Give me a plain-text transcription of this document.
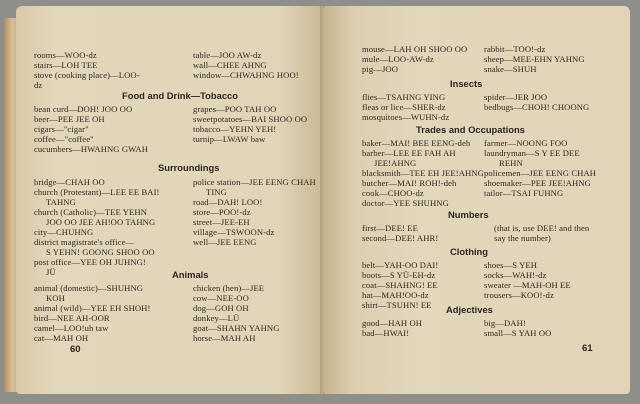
rooms—WOO-dz
stairs—LOH TEE
stove (cooking place)—LOO-
dz
table—JOO AW-dz
wall—CHEE AHNG
window—CHWAHNG HOO!
Food and Drink—Tobacco
bean curd—DOH! JOO OO
beer—PEE JEE OH
cigars—"cigar"
coffee—"coffee"
cucumbers—HWAHNG GWAH
grapes—POO TAH OO
sweetpotatoes—BAI SHOO OO
tobacco—YEHN YEH!
turnip—LWAW baw
Surroundings
bridge—CHAH OO
church (Protestant)—LEE EE BAI!
TAHNG
church (Catholic)—TEE YEHN
JOO OO JEE AH!OO TAHNG
city—CHUHNG
district magistrate's office—
S YEHN! GOONG SHOO OO
post office—YEE OH JUHNG!
JÜ
police station—JEE EENG CHAH
TING
road—DAH! LOO!
store—POO!-dz
street—JEE-EH
village—TSWOON-dz
well—JEE EENG
Animals
animal (domestic)—SHUHNG
KOH
animal (wild)—YEE EH SHOH!
bird—NEE AH-OOR
camel—LOO!uh taw
cat—MAH OH
chicken (hen)—JEE
cow—NEE-OO
dog—GOH OH
donkey—LÜ
goat—SHAHN YAHNG
horse—MAH AH
60
mouse—LAH OH SHOO OO
mule—LOO-AW-dz
pig—JOO
rabbit—TOO!-dz
sheep—MEE-EHN YAHNG
snake—SHUH
Insects
flies—TSAHNG YING
fleas or lice—SHER-dz
mosquitoes—WUHN-dz
spider—JER JOO
bedbugs—CHOH! CHOONG
Trades and Occupations
baker—MAI! BEE EENG-deh
barber—LEE EE FAH AH
JEE!AHNG
blacksmith—TEE EH JEE!AHNG
butcher—MAI! ROH!-deh
cook—CHOO-dz
doctor—YEE SHUHNG
farmer—NOONG FOO
laundryman—S Y EE DEE
REHN
policemen—JEE EENG CHAH
shoemaker—PEE JEE!AHNG
tailor—TSAI FUHNG
Numbers
first—DEE! EE
second—DEE! AHR!
(that is, use DEE! and then
say the number)
Clothing
belt—YAH-OO DAI!
boots—S YÜ-EH-dz
coat—SHAHNG! EE
hat—MAH!OO-dz
shirt—TSUHN! EE
shoes—S YEH
socks—WAH!-dz
sweater —MAH-OH EE
trousers—KOO!-dz
Adjectives
good—HAH OH
bad—HWAI!
big—DAH!
small—S YAH OO
61
